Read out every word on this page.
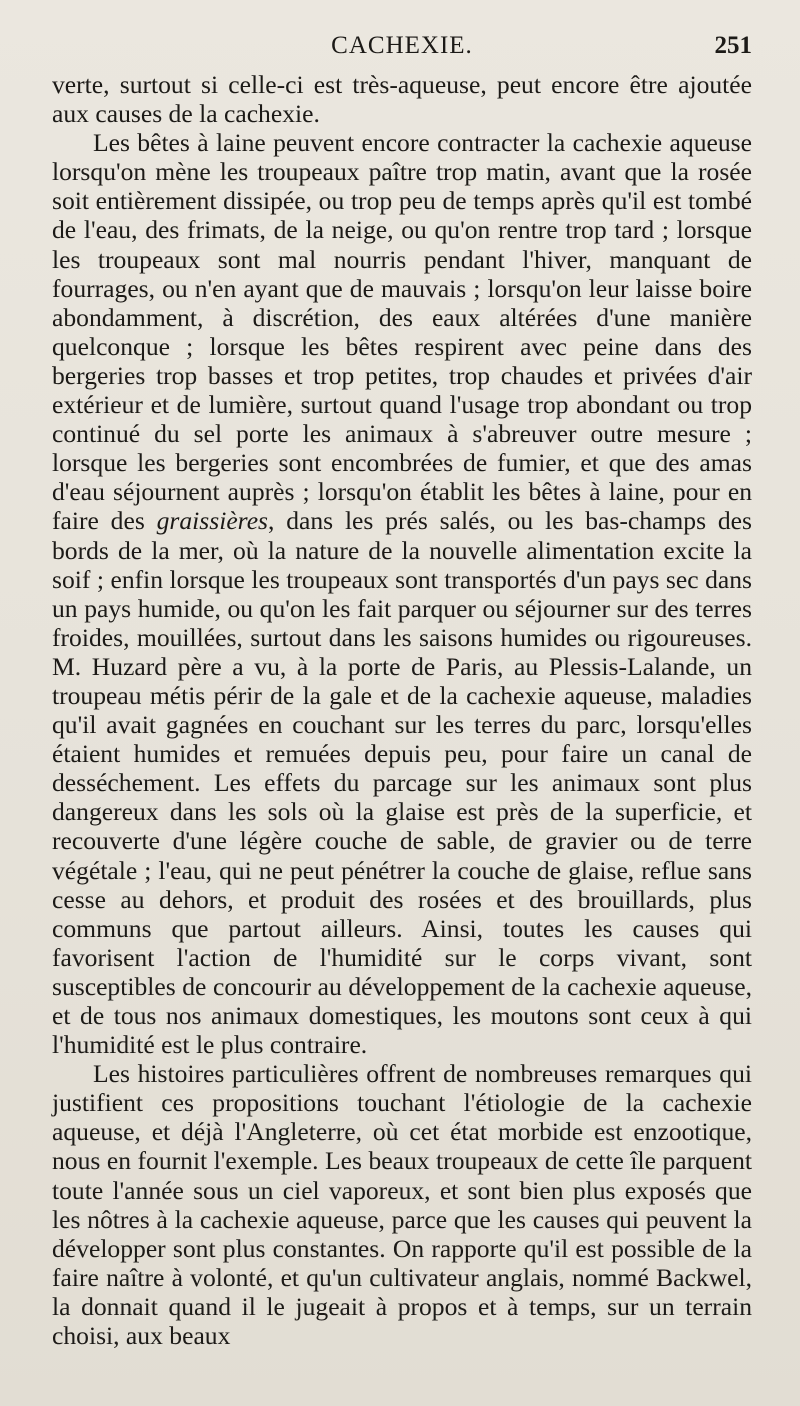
CACHEXIE.	251

verte, surtout si celle-ci est très-aqueuse, peut encore être ajoutée aux causes de la cachexie.

Les bêtes à laine peuvent encore contracter la cachexie aqueuse lorsqu'on mène les troupeaux paître trop matin, avant que la rosée soit entièrement dissipée, ou trop peu de temps après qu'il est tombé de l'eau, des frimats, de la neige, ou qu'on rentre trop tard ; lorsque les troupeaux sont mal nourris pendant l'hiver, manquant de fourrages, ou n'en ayant que de mauvais ; lorsqu'on leur laisse boire abondamment, à discrétion, des eaux altérées d'une manière quelconque ; lorsque les bêtes respirent avec peine dans des bergeries trop basses et trop petites, trop chaudes et privées d'air extérieur et de lumière, surtout quand l'usage trop abondant ou trop continué du sel porte les animaux à s'abreuver outre mesure ; lorsque les bergeries sont encombrées de fumier, et que des amas d'eau séjournent auprès ; lorsqu'on établit les bêtes à laine, pour en faire des graissières, dans les prés salés, ou les bas-champs des bords de la mer, où la nature de la nouvelle alimentation excite la soif ; enfin lorsque les troupeaux sont transportés d'un pays sec dans un pays humide, ou qu'on les fait parquer ou séjourner sur des terres froides, mouillées, surtout dans les saisons humides ou rigoureuses. M. Huzard père a vu, à la porte de Paris, au Plessis-Lalande, un troupeau métis périr de la gale et de la cachexie aqueuse, maladies qu'il avait gagnées en couchant sur les terres du parc, lorsqu'elles étaient humides et remuées depuis peu, pour faire un canal de desséchement. Les effets du parcage sur les animaux sont plus dangereux dans les sols où la glaise est près de la superficie, et recouverte d'une légère couche de sable, de gravier ou de terre végétale ; l'eau, qui ne peut pénétrer la couche de glaise, reflue sans cesse au dehors, et produit des rosées et des brouillards, plus communs que partout ailleurs. Ainsi, toutes les causes qui favorisent l'action de l'humidité sur le corps vivant, sont susceptibles de concourir au développement de la cachexie aqueuse, et de tous nos animaux domestiques, les moutons sont ceux à qui l'humidité est le plus contraire.

Les histoires particulières offrent de nombreuses remarques qui justifient ces propositions touchant l'étiologie de la cachexie aqueuse, et déjà l'Angleterre, où cet état morbide est enzootique, nous en fournit l'exemple. Les beaux troupeaux de cette île parquent toute l'année sous un ciel vaporeux, et sont bien plus exposés que les nôtres à la cachexie aqueuse, parce que les causes qui peuvent la développer sont plus constantes. On rapporte qu'il est possible de la faire naître à volonté, et qu'un cultivateur anglais, nommé Backwel, la donnait quand il le jugeait à propos et à temps, sur un terrain choisi, aux beaux
